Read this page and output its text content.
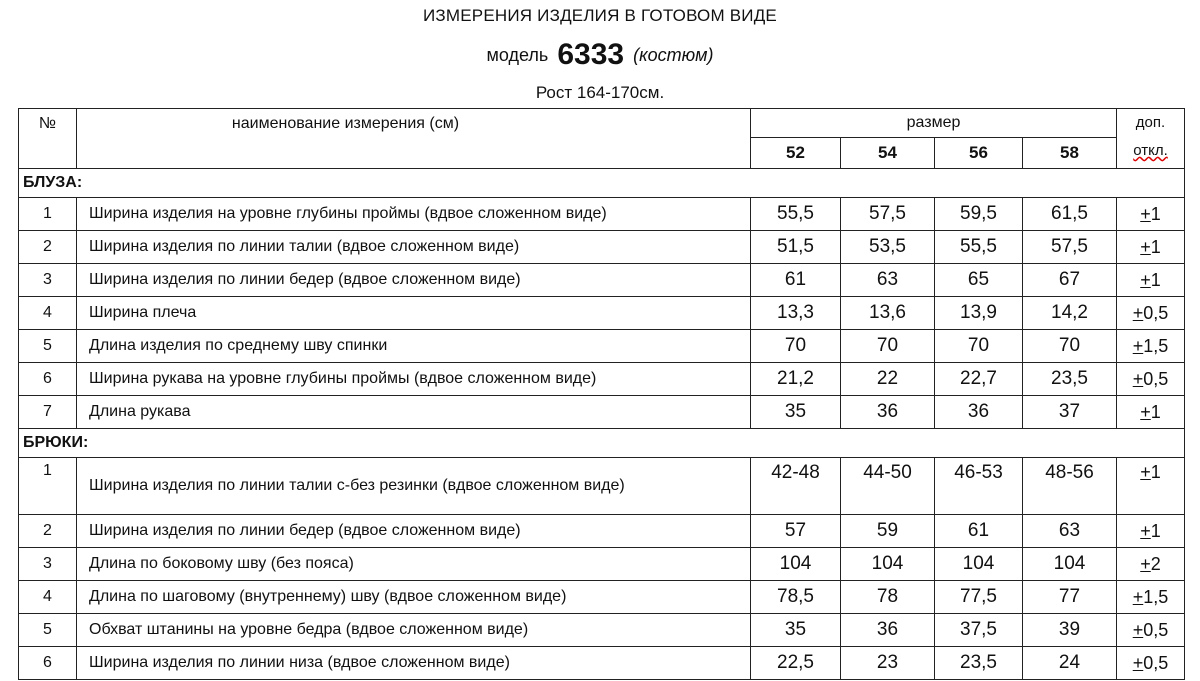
ИЗМЕРЕНИЯ ИЗДЕЛИЯ В ГОТОВОМ ВИДЕ
модель 6333 (костюм)
Рост 164-170см.
№	наименование измерения (см)	размер				доп.
откл.

		52	54	56	58	
БЛУЗА:						
1	Ширина изделия на уровне глубины проймы (вдвое сложенном виде)	55,5	57,5	59,5	61,5	+1
2	Ширина изделия по линии талии (вдвое сложенном виде)	51,5	53,5	55,5	57,5	+1
3	Ширина изделия по линии бедер (вдвое сложенном виде)	61	63	65	67	+1
4	Ширина плеча	13,3	13,6	13,9	14,2	+0,5
5	Длина изделия по среднему шву спинки	70	70	70	70	+1,5
6	Ширина рукава на уровне глубины проймы (вдвое сложенном виде)	21,2	22	22,7	23,5	+0,5
7	Длина рукава	35	36	36	37	+1
БРЮКИ:						
1	Ширина изделия по линии талии с-без резинки (вдвое сложенном виде)	42-48	44-50	46-53	48-56	+1
2	Ширина изделия по линии бедер (вдвое сложенном виде)	57	59	61	63	+1
3	Длина по боковому шву (без пояса)	104	104	104	104	+2
4	Длина по шаговому (внутреннему) шву (вдвое сложенном виде)	78,5	78	77,5	77	+1,5
5	Обхват штанины на уровне бедра (вдвое сложенном виде)	35	36	37,5	39	+0,5
6	Ширина изделия по линии низа (вдвое сложенном виде)	22,5	23	23,5	24	+0,5
